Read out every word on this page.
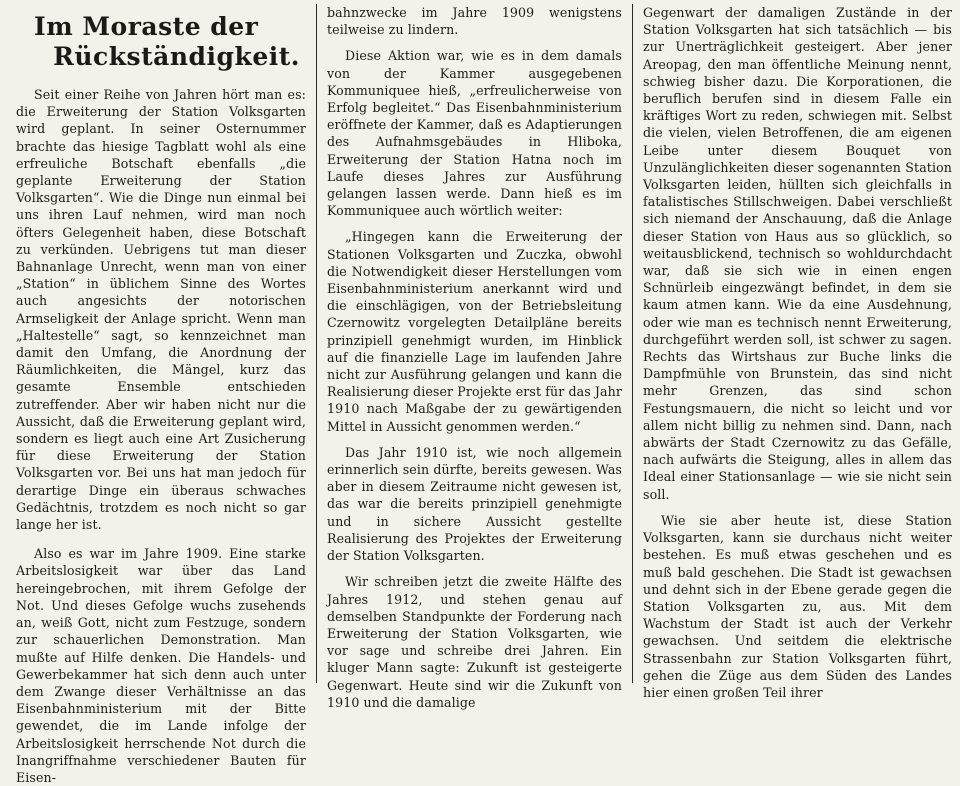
Im Moraste der
Rückständigkeit.

Seit einer Reihe von Jahren hört man es: die Erweiterung der Station Volksgarten wird geplant. In seiner Osternummer brachte das hiesige Tagblatt wohl als eine erfreuliche Botschaft ebenfalls „die geplante Erweiterung der Station Volksgarten“. Wie die Dinge nun einmal bei uns ihren Lauf nehmen, wird man noch öfters Gelegenheit haben, diese Botschaft zu verkünden. Uebrigens tut man dieser Bahnanlage Unrecht, wenn man von einer „Station“ in üblichem Sinne des Wortes auch angesichts der notorischen Armseligkeit der Anlage spricht. Wenn man „Haltestelle“ sagt, so kennzeichnet man damit den Umfang, die Anordnung der Räumlichkeiten, die Mängel, kurz das gesamte Ensemble entschieden zutreffender. Aber wir haben nicht nur die Aussicht, daß die Erweiterung geplant wird, sondern es liegt auch eine Art Zusicherung für diese Erweiterung der Station Volksgarten vor. Bei uns hat man jedoch für derartige Dinge ein überaus schwaches Gedächtnis, trotzdem es noch nicht so gar lange her ist.

Also es war im Jahre 1909. Eine starke Arbeitslosigkeit war über das Land hereingebrochen, mit ihrem Gefolge der Not. Und dieses Gefolge wuchs zusehends an, weiß Gott, nicht zum Festzuge, sondern zur schauerlichen Demonstration. Man mußte auf Hilfe denken. Die Handels- und Gewerbekammer hat sich denn auch unter dem Zwange dieser Verhältnisse an das Eisenbahnministerium mit der Bitte gewendet, die im Lande infolge der Arbeitslosigkeit herrschende Not durch die Inangriffnahme verschiedener Bauten für Eisen-

bahnzwecke im Jahre 1909 wenigstens teilweise zu lindern.

Diese Aktion war, wie es in dem damals von der Kammer ausgegebenen Kommuniquee hieß, „erfreulicherweise von Erfolg begleitet.“ Das Eisenbahnministerium eröffnete der Kammer, daß es Adaptierungen des Aufnahmsgebäudes in Hliboka, Erweiterung der Station Hatna noch im Laufe dieses Jahres zur Ausführung gelangen lassen werde. Dann hieß es im Kommuniquee auch wörtlich weiter:

„Hingegen kann die Erweiterung der Stationen Volksgarten und Zuczka, obwohl die Notwendigkeit dieser Herstellungen vom Eisenbahnministerium anerkannt wird und die einschlägigen, von der Betriebsleitung Czernowitz vorgelegten Detailpläne bereits prinzipiell genehmigt wurden, im Hinblick auf die finanzielle Lage im laufenden Jahre nicht zur Ausführung gelangen und kann die Realisierung dieser Projekte erst für das Jahr 1910 nach Maßgabe der zu gewärtigenden Mittel in Aussicht genommen werden.“

Das Jahr 1910 ist, wie noch allgemein erinnerlich sein dürfte, bereits gewesen. Was aber in diesem Zeitraume nicht gewesen ist, das war die bereits prinzipiell genehmigte und in sichere Aussicht gestellte Realisierung des Projektes der Erweiterung der Station Volksgarten.

Wir schreiben jetzt die zweite Hälfte des Jahres 1912, und stehen genau auf demselben Standpunkte der Forderung nach Erweiterung der Station Volksgarten, wie vor sage und schreibe drei Jahren. Ein kluger Mann sagte: Zukunft ist gesteigerte Gegenwart. Heute sind wir die Zukunft von 1910 und die damalige

Gegenwart der damaligen Zustände in der Station Volksgarten hat sich tatsächlich — bis zur Unerträglichkeit gesteigert. Aber jener Areopag, den man öffentliche Meinung nennt, schwieg bisher dazu. Die Korporationen, die beruflich berufen sind in diesem Falle ein kräftiges Wort zu reden, schwiegen mit. Selbst die vielen, vielen Betroffenen, die am eigenen Leibe unter diesem Bouquet von Unzulänglichkeiten dieser sogenannten Station Volksgarten leiden, hüllten sich gleichfalls in fatalistisches Stillschweigen. Dabei verschließt sich niemand der Anschauung, daß die Anlage dieser Station von Haus aus so glücklich, so weitausblickend, technisch so wohldurchdacht war, daß sie sich wie in einen engen Schnürleib eingezwängt befindet, in dem sie kaum atmen kann. Wie da eine Ausdehnung, oder wie man es technisch nennt Erweiterung, durchgeführt werden soll, ist schwer zu sagen. Rechts das Wirtshaus zur Buche links die Dampfmühle von Brunstein, das sind nicht mehr Grenzen, das sind schon Festungsmauern, die nicht so leicht und vor allem nicht billig zu nehmen sind. Dann, nach abwärts der Stadt Czernowitz zu das Gefälle, nach aufwärts die Steigung, alles in allem das Ideal einer Stationsanlage — wie sie nicht sein soll.

Wie sie aber heute ist, diese Station Volksgarten, kann sie durchaus nicht weiter bestehen. Es muß etwas geschehen und es muß bald geschehen. Die Stadt ist gewachsen und dehnt sich in der Ebene gerade gegen die Station Volksgarten zu, aus. Mit dem Wachstum der Stadt ist auch der Verkehr gewachsen. Und seitdem die elektrische Strassenbahn zur Station Volksgarten führt, gehen die Züge aus dem Süden des Landes hier einen großen Teil ihrer
